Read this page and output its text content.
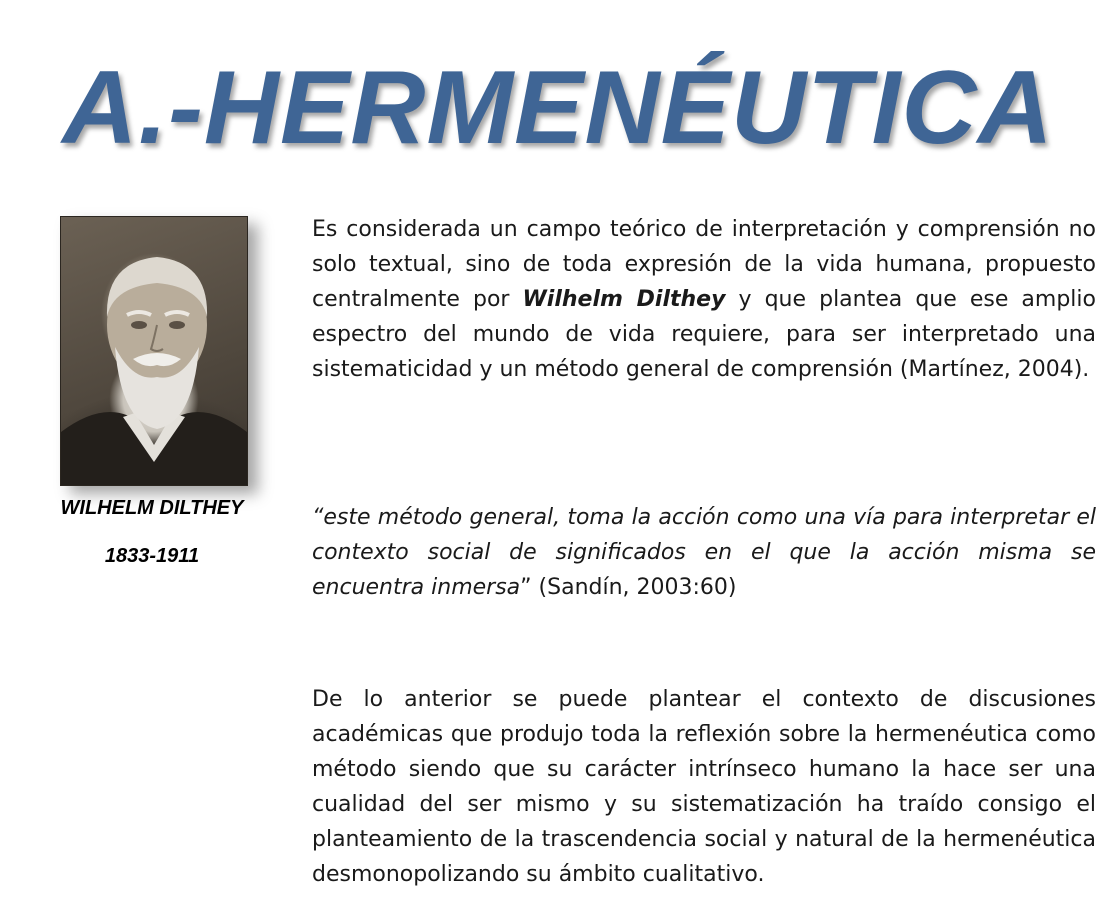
A.-HERMENÉUTICA
WILHELM DILTHEY
1833-1911

Es considerada un campo teórico de interpretación y comprensión no solo textual, sino de toda expresión de la vida humana, propuesto centralmente por Wilhelm Dilthey y que plantea que ese amplio espectro del mundo de vida requiere, para ser interpretado una sistematicidad y un método general de comprensión (Martínez, 2004).

“este método general, toma la acción como una vía para interpretar el contexto social de significados en el que la acción misma se encuentra inmersa” (Sandín, 2003:60)

De lo anterior se puede plantear el contexto de discusiones académicas que produjo toda la reflexión sobre la hermenéutica como método siendo que su carácter intrínseco humano la hace ser una cualidad del ser mismo y su sistematización ha traído consigo el planteamiento de la trascendencia social y natural de la hermenéutica desmonopolizando su ámbito cualitativo.
